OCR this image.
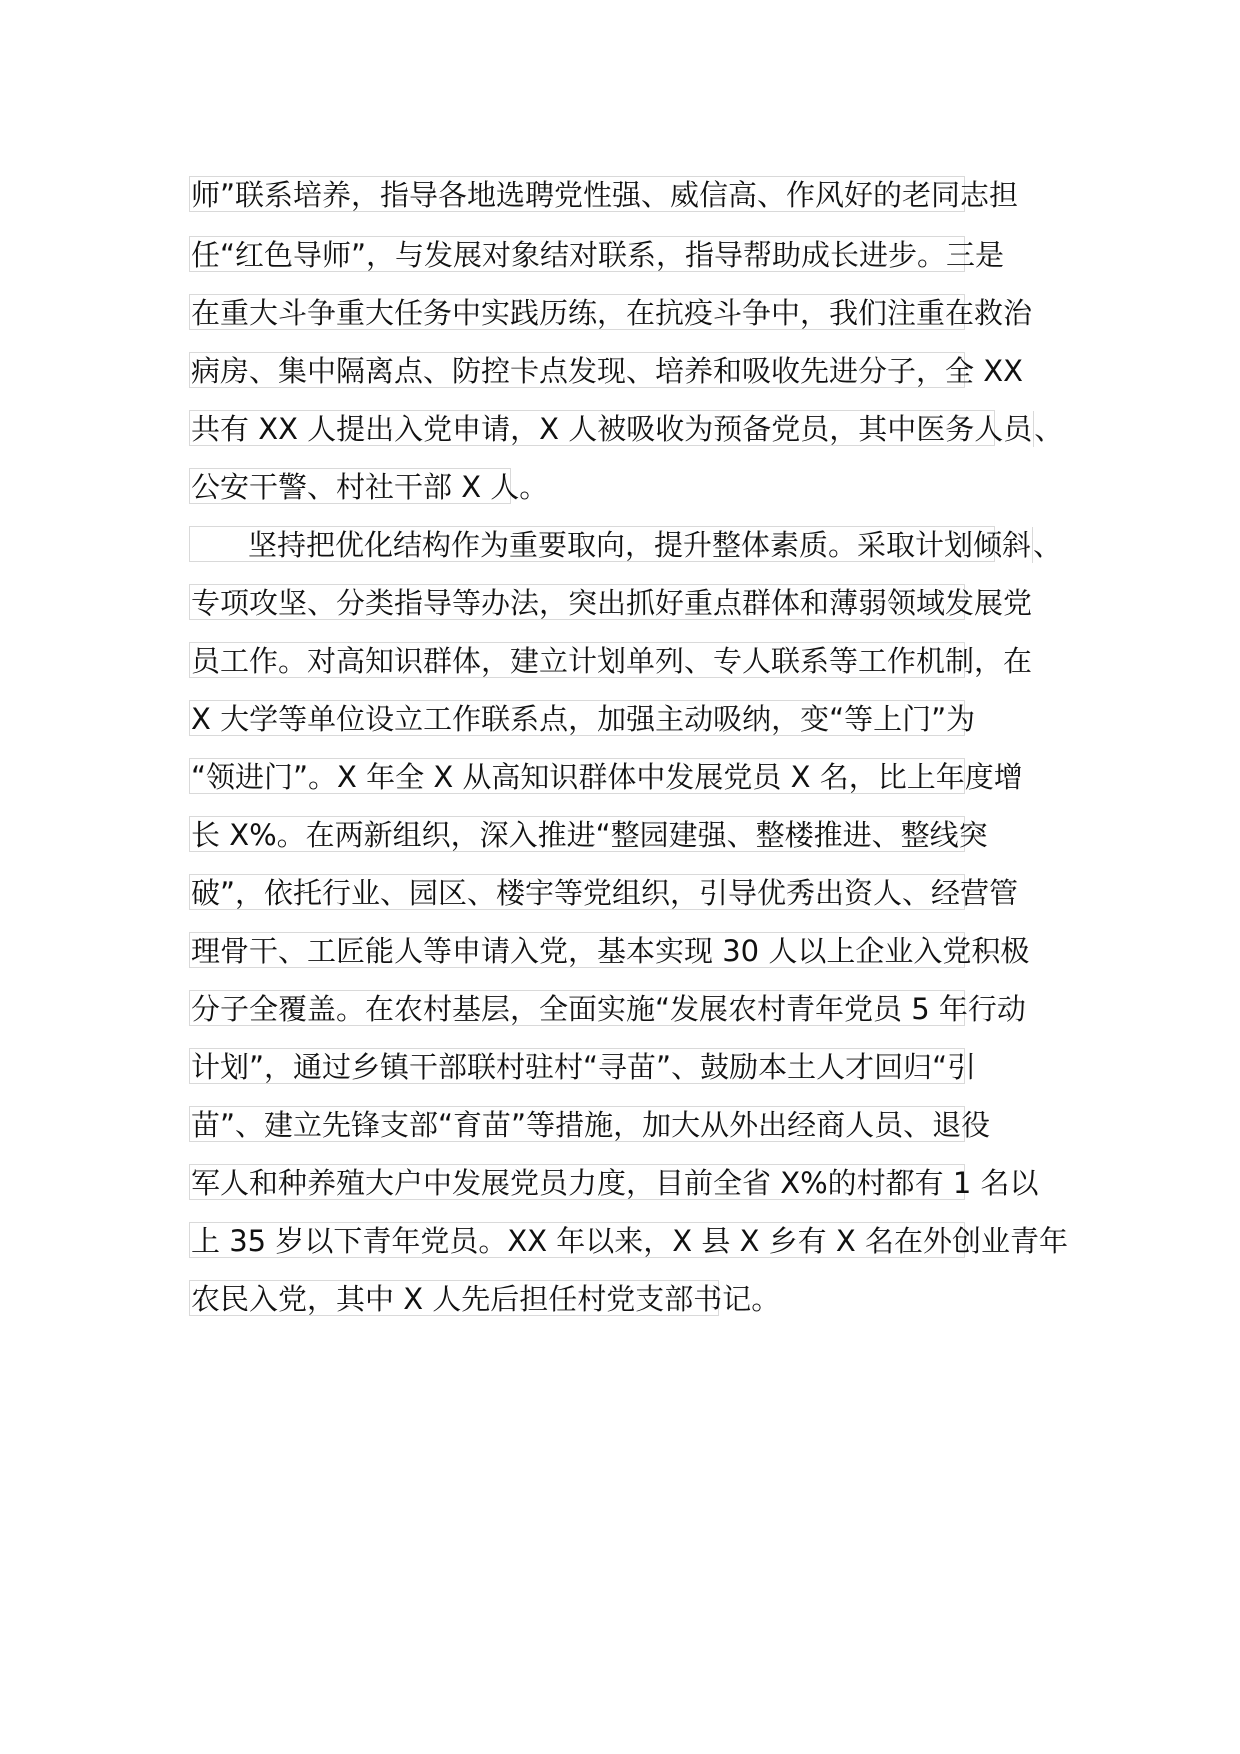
师”联系培养，指导各地选聘党性强、威信高、作风好的老同志担
任“红色导师”，与发展对象结对联系，指导帮助成长进步。三是
在重大斗争重大任务中实践历练，在抗疫斗争中，我们注重在救治
病房、集中隔离点、防控卡点发现、培养和吸收先进分子，全 XX
共有 XX 人提出入党申请，X 人被吸收为预备党员，其中医务人员、
公安干警、村社干部 X 人。
坚持把优化结构作为重要取向，提升整体素质。采取计划倾斜、
专项攻坚、分类指导等办法，突出抓好重点群体和薄弱领域发展党
员工作。对高知识群体，建立计划单列、专人联系等工作机制，在
X 大学等单位设立工作联系点，加强主动吸纳，变“等上门”为
“领进门”。X 年全 X 从高知识群体中发展党员 X 名，比上年度增
长 X%。在两新组织，深入推进“整园建强、整楼推进、整线突
破”，依托行业、园区、楼宇等党组织，引导优秀出资人、经营管
理骨干、工匠能人等申请入党，基本实现 30 人以上企业入党积极
分子全覆盖。在农村基层，全面实施“发展农村青年党员 5 年行动
计划”，通过乡镇干部联村驻村“寻苗”、鼓励本土人才回归“引
苗”、建立先锋支部“育苗”等措施，加大从外出经商人员、退役
军人和种养殖大户中发展党员力度，目前全省 X%的村都有 1 名以
上 35 岁以下青年党员。XX 年以来，X 县 X 乡有 X 名在外创业青年
农民入党，其中 X 人先后担任村党支部书记。
